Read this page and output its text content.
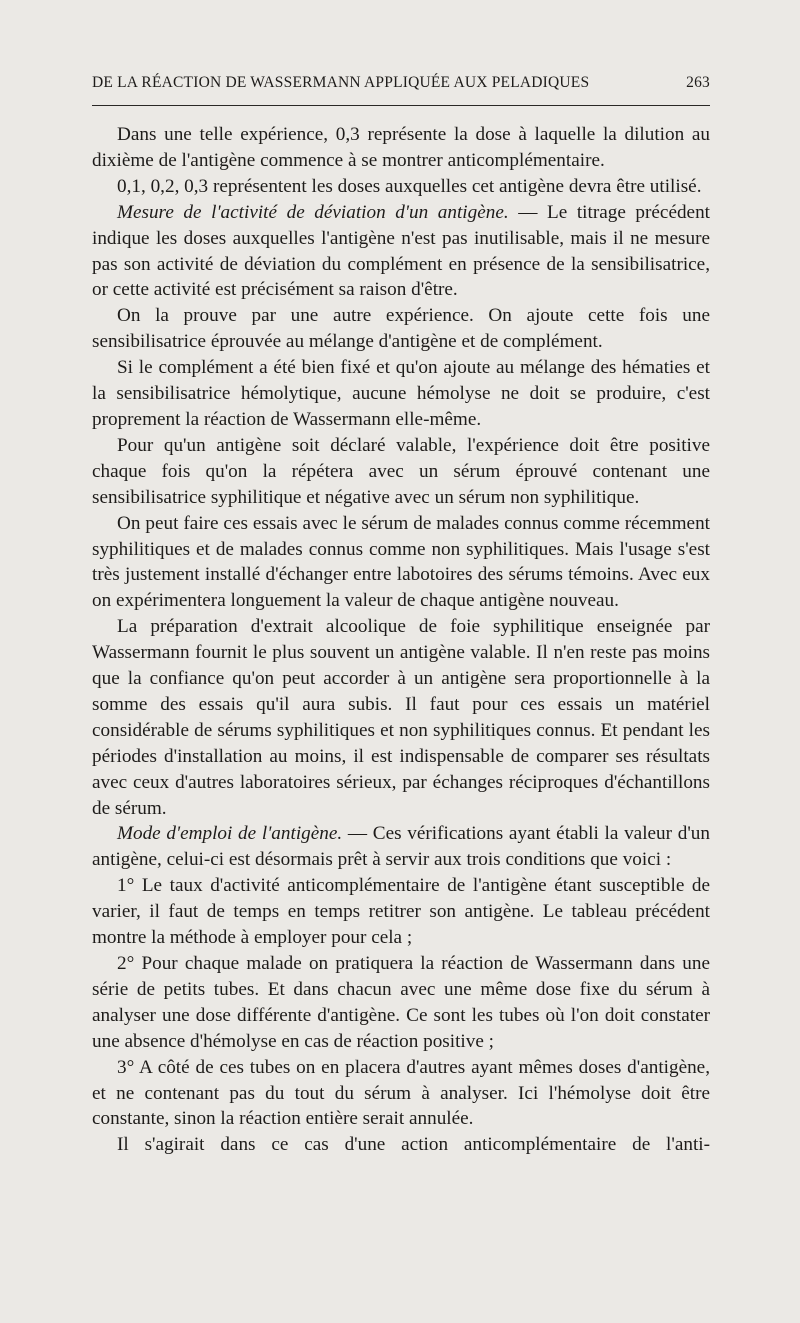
DE LA RÉACTION DE WASSERMANN APPLIQUÉE AUX PELADIQUES	263

Dans une telle expérience, 0,3 représente la dose à laquelle la dilution au dixième de l'antigène commence à se montrer anticomplémentaire.

0,1, 0,2, 0,3 représentent les doses auxquelles cet antigène devra être utilisé.

Mesure de l'activité de déviation d'un antigène. — Le titrage précédent indique les doses auxquelles l'antigène n'est pas inutilisable, mais il ne mesure pas son activité de déviation du complément en présence de la sensibilisatrice, or cette activité est précisément sa raison d'être.

On la prouve par une autre expérience. On ajoute cette fois une sensibilisatrice éprouvée au mélange d'antigène et de complément.

Si le complément a été bien fixé et qu'on ajoute au mélange des hématies et la sensibilisatrice hémolytique, aucune hémolyse ne doit se produire, c'est proprement la réaction de Wassermann elle-même.

Pour qu'un antigène soit déclaré valable, l'expérience doit être positive chaque fois qu'on la répétera avec un sérum éprouvé contenant une sensibilisatrice syphilitique et négative avec un sérum non syphilitique.

On peut faire ces essais avec le sérum de malades connus comme récemment syphilitiques et de malades connus comme non syphilitiques. Mais l'usage s'est très justement installé d'échanger entre labotoires des sérums témoins. Avec eux on expérimentera longuement la valeur de chaque antigène nouveau.

La préparation d'extrait alcoolique de foie syphilitique enseignée par Wassermann fournit le plus souvent un antigène valable. Il n'en reste pas moins que la confiance qu'on peut accorder à un antigène sera proportionnelle à la somme des essais qu'il aura subis. Il faut pour ces essais un matériel considérable de sérums syphilitiques et non syphilitiques connus. Et pendant les périodes d'installation au moins, il est indispensable de comparer ses résultats avec ceux d'autres laboratoires sérieux, par échanges réciproques d'échantillons de sérum.

Mode d'emploi de l'antigène. — Ces vérifications ayant établi la valeur d'un antigène, celui-ci est désormais prêt à servir aux trois conditions que voici :

1° Le taux d'activité anticomplémentaire de l'antigène étant susceptible de varier, il faut de temps en temps retitrer son antigène. Le tableau précédent montre la méthode à employer pour cela ;

2° Pour chaque malade on pratiquera la réaction de Wassermann dans une série de petits tubes. Et dans chacun avec une même dose fixe du sérum à analyser une dose différente d'antigène. Ce sont les tubes où l'on doit constater une absence d'hémolyse en cas de réaction positive ;

3° A côté de ces tubes on en placera d'autres ayant mêmes doses d'antigène, et ne contenant pas du tout du sérum à analyser. Ici l'hémolyse doit être constante, sinon la réaction entière serait annulée.

Il s'agirait dans ce cas d'une action anticomplémentaire de l'anti-
